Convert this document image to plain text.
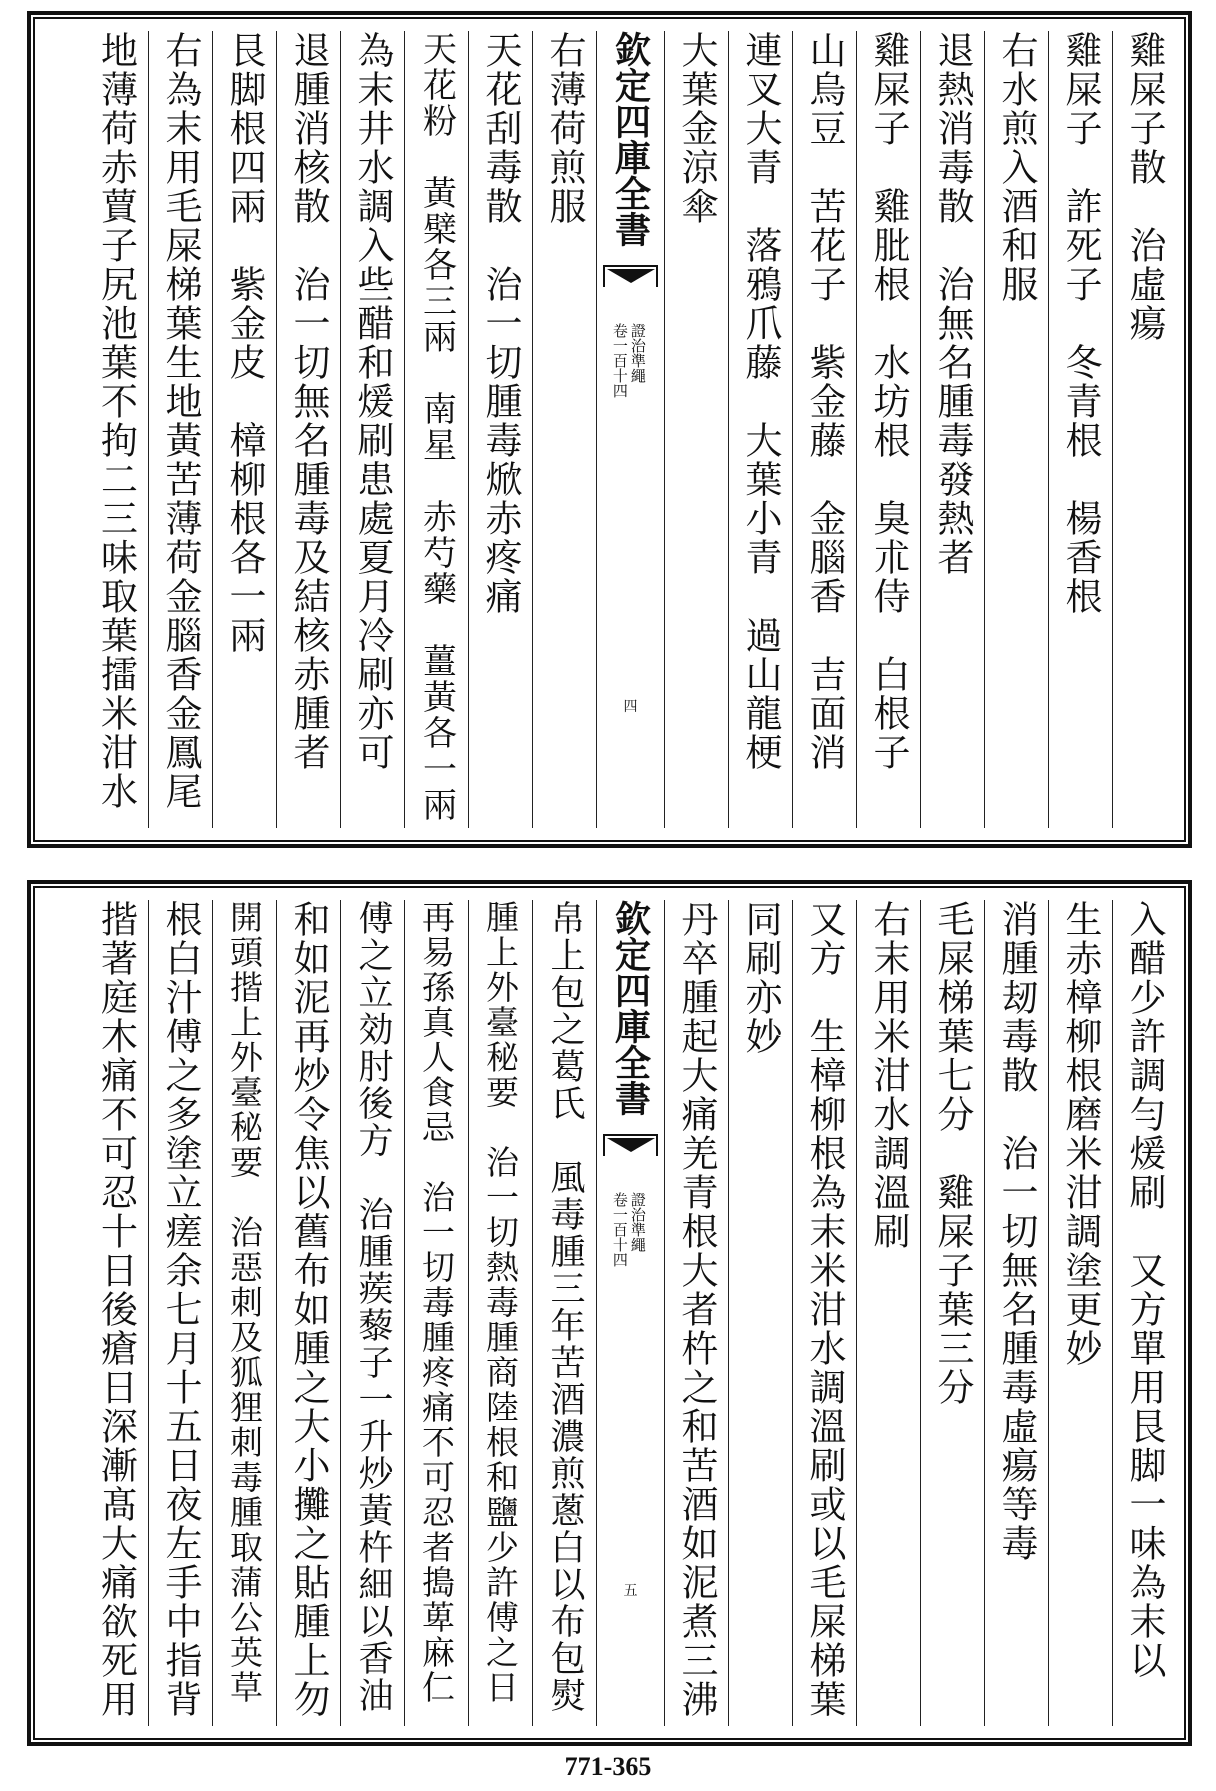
雞屎子散　治虛瘍
雞屎子　詐死子　冬青根　楊香根
右水煎入酒和服
退熱消毒散　治無名腫毒發熱者
雞屎子　雞肶根　水坊根　臭朮侍　白根子
山烏豆　苦花子　紫金藤　金腦香　吉面消
連叉大青　落鴉爪藤　大葉小青　過山龍梗
大葉金涼傘
欽定四庫全書
證治準繩
卷一百十四
四
右薄荷煎服
天花刮毒散　治一切腫毒焮赤疼痛
天花粉　黃檗各三兩　南星　赤芍藥　薑黃各一兩
為末井水調入些醋和煖刷患處夏月冷刷亦可
退腫消核散　治一切無名腫毒及結核赤腫者
艮脚根四兩　紫金皮　樟柳根各一兩
右為末用毛屎梯葉生地黃苦薄荷金腦香金鳳尾
地薄荷赤蕒子尻池葉不拘二三味取葉擂米泔水
入醋少許調勻煖刷　又方單用艮脚一味為末以
生赤樟柳根磨米泔調塗更妙
消腫刼毒散　治一切無名腫毒虛瘍等毒
毛屎梯葉七分　雞屎子葉三分
右末用米泔水調溫刷
又方　生樟柳根為末米泔水調溫刷或以毛屎梯葉
同刷亦妙
丹卒腫起大痛羌青根大者杵之和苦酒如泥煮三沸
欽定四庫全書
證治準繩
卷一百十四
五
帛上包之葛氏　風毒腫三年苦酒濃煎蔥白以布包熨
腫上外臺秘要　治一切熱毒腫商陸根和鹽少許傅之日
再易孫真人食忌　治一切毒腫疼痛不可忍者搗萆麻仁
傅之立効肘後方　治腫蒺藜子一升炒黃杵細以香油
和如泥再炒令焦以舊布如腫之大小攤之貼腫上勿
開頭揩上外臺秘要　治惡刺及狐狸刺毒腫取蒲公英草
根白汁傅之多塗立瘥余七月十五日夜左手中指背
揩著庭木痛不可忍十日後瘡日深漸髙大痛欲死用
771-365
